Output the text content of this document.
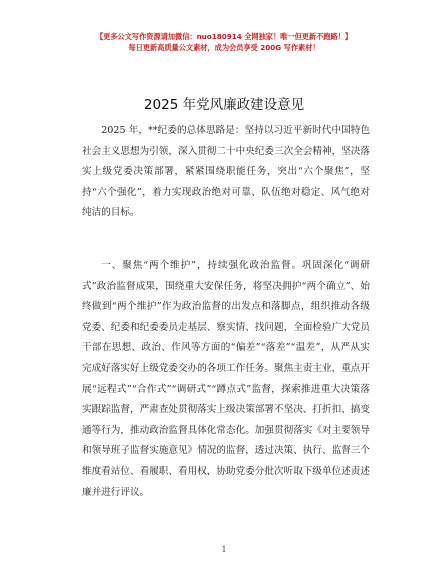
【更多公文写作资源请加微信：nuo180914 全网独家！唯一但更新不跑路！】
每日更新高质量公文素材，成为会员享受 200G 写作素材！
2025 年党风廉政建设意见

2025 年，**纪委的总体思路是：坚持以习近平新时代中国特色社会主义思想为引领，深入贯彻二十中央纪委三次全会精神，坚决落实上级党委决策部署，紧紧围绕职能任务，突出“六个聚焦”，坚持“六个强化”，着力实现政治绝对可靠、队伍绝对稳定、风气绝对纯洁的目标。

一、聚焦“两个维护”，持续强化政治监督。巩固深化“调研式”政治监督成果，围绕重大安保任务，将坚决拥护“两个确立”、始终做到“两个维护”作为政治监督的出发点和落脚点，组织推动各级党委、纪委和纪委委员走基层、察实情、找问题，全面检验广大党员干部在思想、政治、作风等方面的“偏差”“落差”“温差”，从严从实完成好落实好上级党委交办的各项工作任务。聚焦主责主业，重点开展“远程式”“合作式”“调研式”“蹲点式”监督，探索推进重大决策落实跟踪监督，严肃查处贯彻落实上级决策部署不坚决、打折扣、搞变通等行为，推动政治监督具体化常态化。加强贯彻落实《对主要领导和领导班子监督实施意见》情况的监督，透过决策、执行、监督三个维度看站位、看履职、看用权，协助党委分批次听取下级单位述责述廉并进行评议。

1
